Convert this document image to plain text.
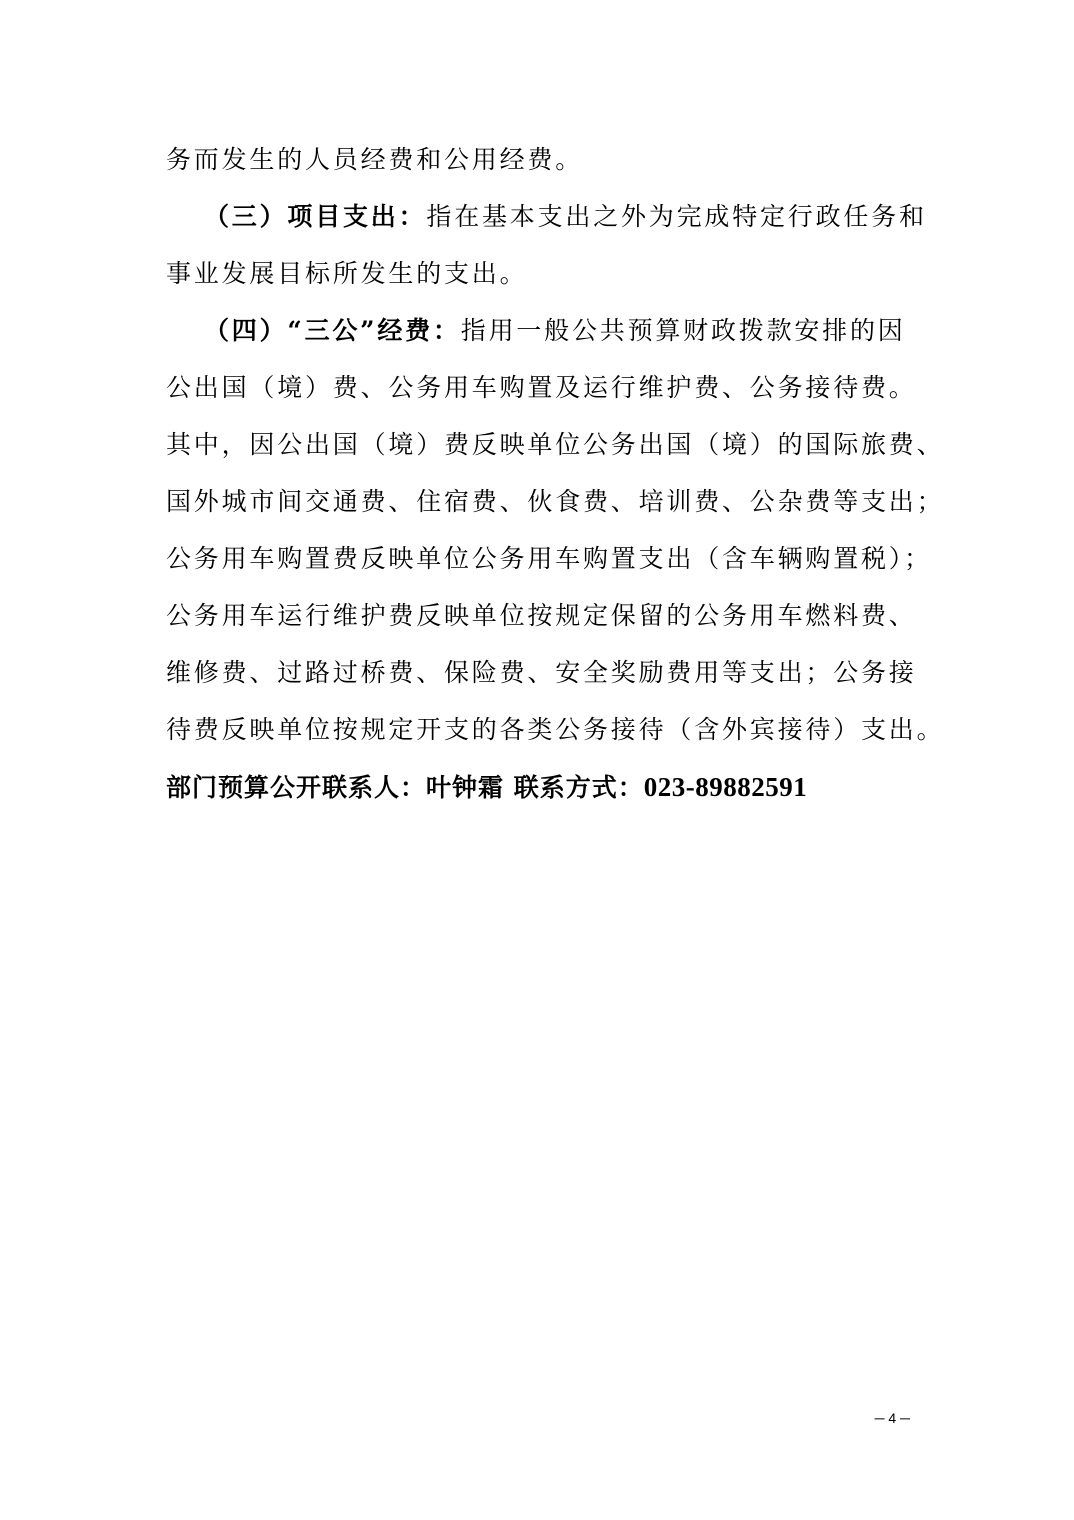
务而发生的人员经费和公用经费。
（三）项目支出：指在基本支出之外为完成特定行政任务和
事业发展目标所发生的支出。
（四）“三公”经费：指用一般公共预算财政拨款安排的因
公出国（境）费、公务用车购置及运行维护费、公务接待费。
其中，因公出国（境）费反映单位公务出国（境）的国际旅费、
国外城市间交通费、住宿费、伙食费、培训费、公杂费等支出；
公务用车购置费反映单位公务用车购置支出（含车辆购置税）；
公务用车运行维护费反映单位按规定保留的公务用车燃料费、
维修费、过路过桥费、保险费、安全奖励费用等支出；公务接
待费反映单位按规定开支的各类公务接待（含外宾接待）支出。
部门预算公开联系人：叶钟霜 联系方式：023-89882591
─ 4 ─
